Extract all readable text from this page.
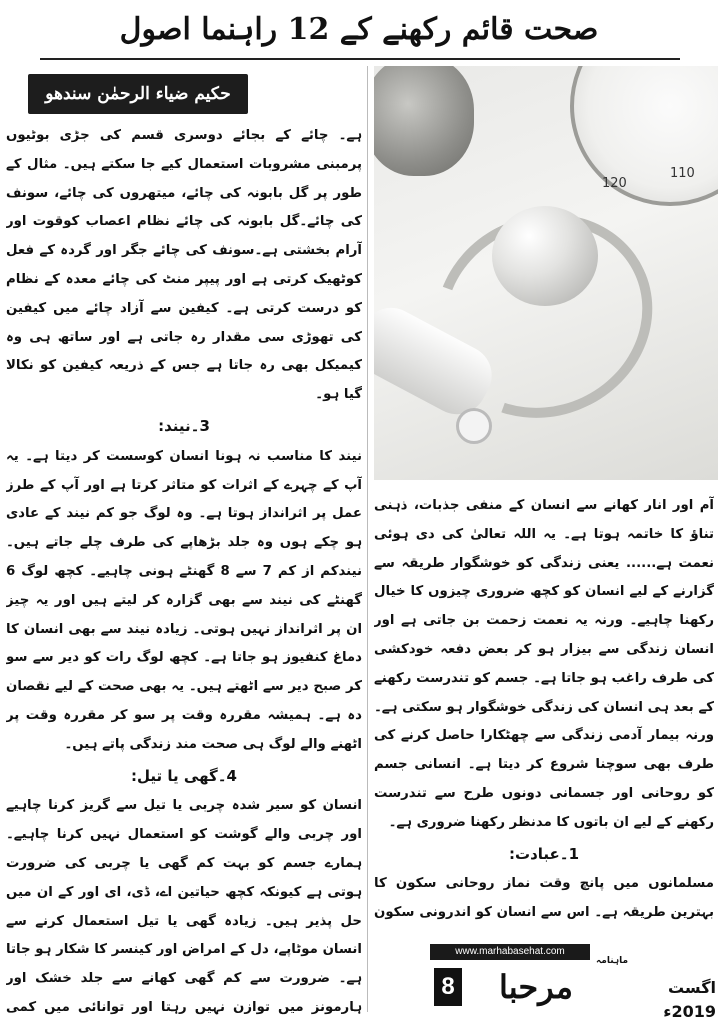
صحت قائم رکھنے کے 12 راہنما اصول
حکیم ضیاء الرحمٰن سندھو

ہے۔ چائے کے بجائے دوسری قسم کی جڑی بوٹیوں پرمبنی مشروبات استعمال کیے جا سکتے ہیں۔ مثال کے طور پر گل بابونہ کی چائے، میتھروں کی چائے، سونف کی چائے۔گل بابونہ کی چائے نظام اعصاب کوقوت اور آرام بخشتی ہے۔سونف کی چائے جگر اور گردہ کے فعل کوٹھیک کرتی ہے اور پیپر منٹ کی چائے معدہ کے نظام کو درست کرتی ہے۔ کیفین سے آزاد چائے میں کیفین کی تھوڑی سی مقدار رہ جاتی ہے اور ساتھ ہی وہ کیمیکل بھی رہ جاتا ہے جس کے ذریعہ کیفین کو نکالا گیا ہو۔

3۔نیند:

نیند کا مناسب نہ ہونا انسان کوسست کر دیتا ہے۔ یہ آپ کے چہرے کے اثرات کو متاثر کرتا ہے اور آپ کے طرز عمل پر اثرانداز ہوتا ہے۔ وہ لوگ جو کم نیند کے عادی ہو چکے ہوں وہ جلد بڑھاپے کی طرف چلے جاتے ہیں۔ نیندکم از کم 7 سے 8 گھنٹے ہونی چاہیے۔ کچھ لوگ 6 گھنٹے کی نیند سے بھی گزارہ کر لیتے ہیں اور یہ چیز ان پر اثرانداز نہیں ہوتی۔ زیادہ نیند سے بھی انسان کا دماغ کنفیوز ہو جاتا ہے۔ کچھ لوگ رات کو دیر سے سو کر صبح دیر سے اٹھتے ہیں۔ یہ بھی صحت کے لیے نقصان دہ ہے۔ ہمیشہ مقررہ وقت پر سو کر مقررہ وقت پر اٹھنے والے لوگ ہی صحت مند زندگی پاتے ہیں۔

4۔گھی یا تیل:

انسان کو سیر شدہ چربی یا تیل سے گریز کرنا چاہیے اور چربی والے گوشت کو استعمال نہیں کرنا چاہیے۔ ہمارے جسم کو بہت کم گھی یا چربی کی ضرورت ہوتی ہے کیونکہ کچھ حیاتین اے، ڈی، ای اور کے ان میں حل پذیر ہیں۔ زیادہ گھی یا تیل استعمال کرنے سے انسان موٹاپے، دل کے امراض اور کینسر کا شکار ہو جاتا ہے۔ ضرورت سے کم گھی کھانے سے جلد خشک اور ہارمونز میں توازن نہیں رہتا اور توانائی میں کمی

120
110

آم اور انار کھانے سے انسان کے منفی جذبات، ذہنی تناؤ کا خاتمہ ہوتا ہے۔ یہ اللہ تعالیٰ کی دی ہوئی نعمت ہے...... یعنی زندگی کو خوشگوار طریقہ سے گزارنے کے لیے انسان کو کچھ ضروری چیزوں کا خیال رکھنا چاہیے۔ ورنہ یہ نعمت زحمت بن جاتی ہے اور انسان زندگی سے بیزار ہو کر بعض دفعہ خودکشی کی طرف راغب ہو جاتا ہے۔ جسم کو تندرست رکھنے کے بعد ہی انسان کی زندگی خوشگوار ہو سکتی ہے۔ ورنہ بیمار آدمی زندگی سے چھٹکارا حاصل کرنے کی طرف بھی سوچنا شروع کر دیتا ہے۔ انسانی جسم کو روحانی اور جسمانی دونوں طرح سے تندرست رکھنے کے لیے ان باتوں کا مدنظر رکھنا ضروری ہے۔

1۔عبادت:

مسلمانوں میں پانچ وقت نماز روحانی سکون کا بہترین طریقہ ہے۔ اس سے انسان کو اندرونی سکون

www.marhabasehat.com
8
ماہنامہ
مرحبا	اگست 2019ء
